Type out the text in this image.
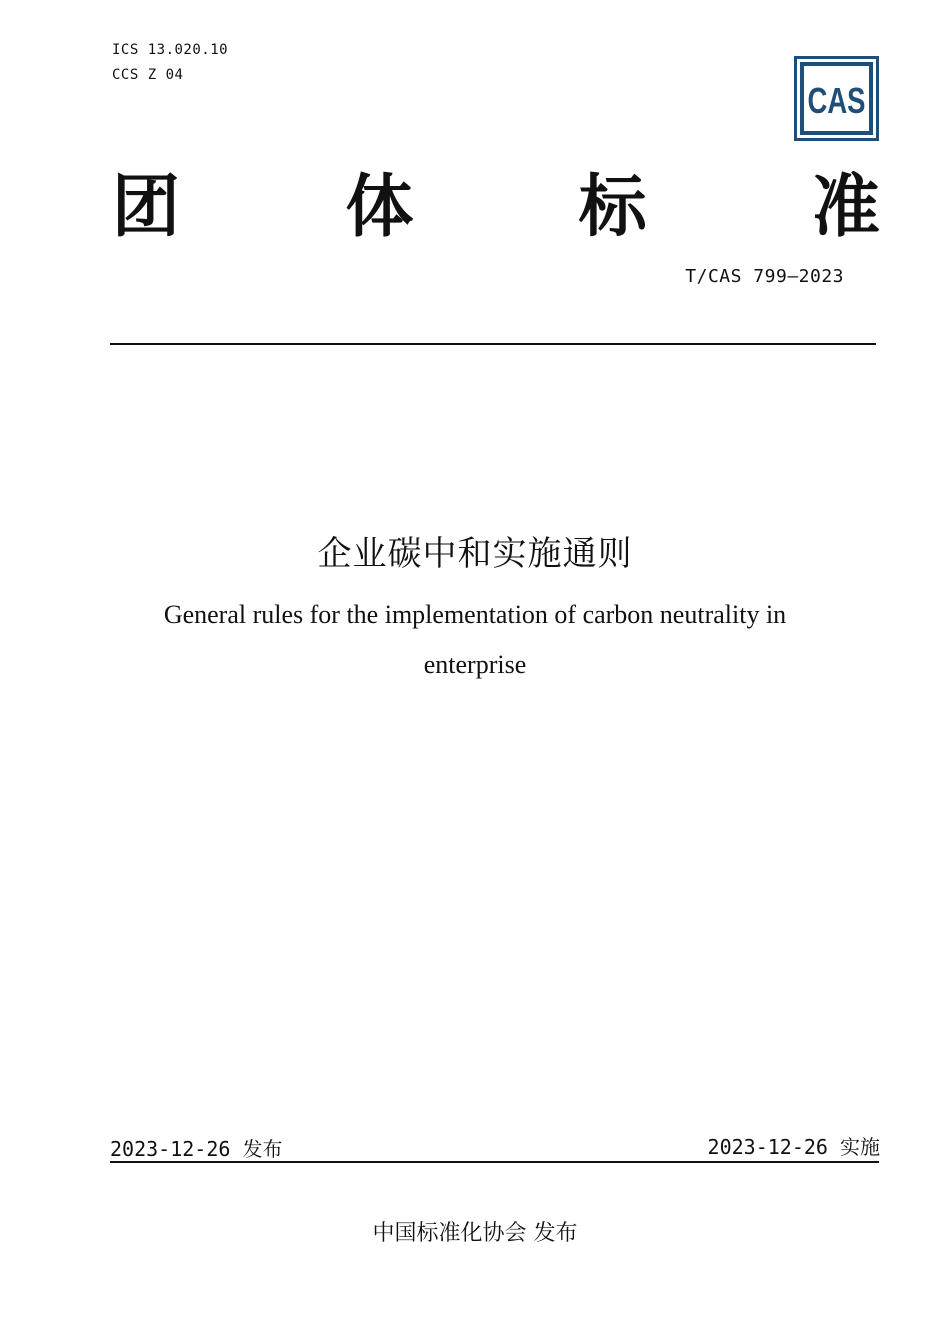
ICS 13.020.10
CCS Z 04
CAS
团 体 标 准
T/CAS 799—2023
企业碳中和实施通则
General rules for the implementation of carbon neutrality in enterprise
2023-12-26 发布	2023-12-26 实施
中国标准化协会 发布
